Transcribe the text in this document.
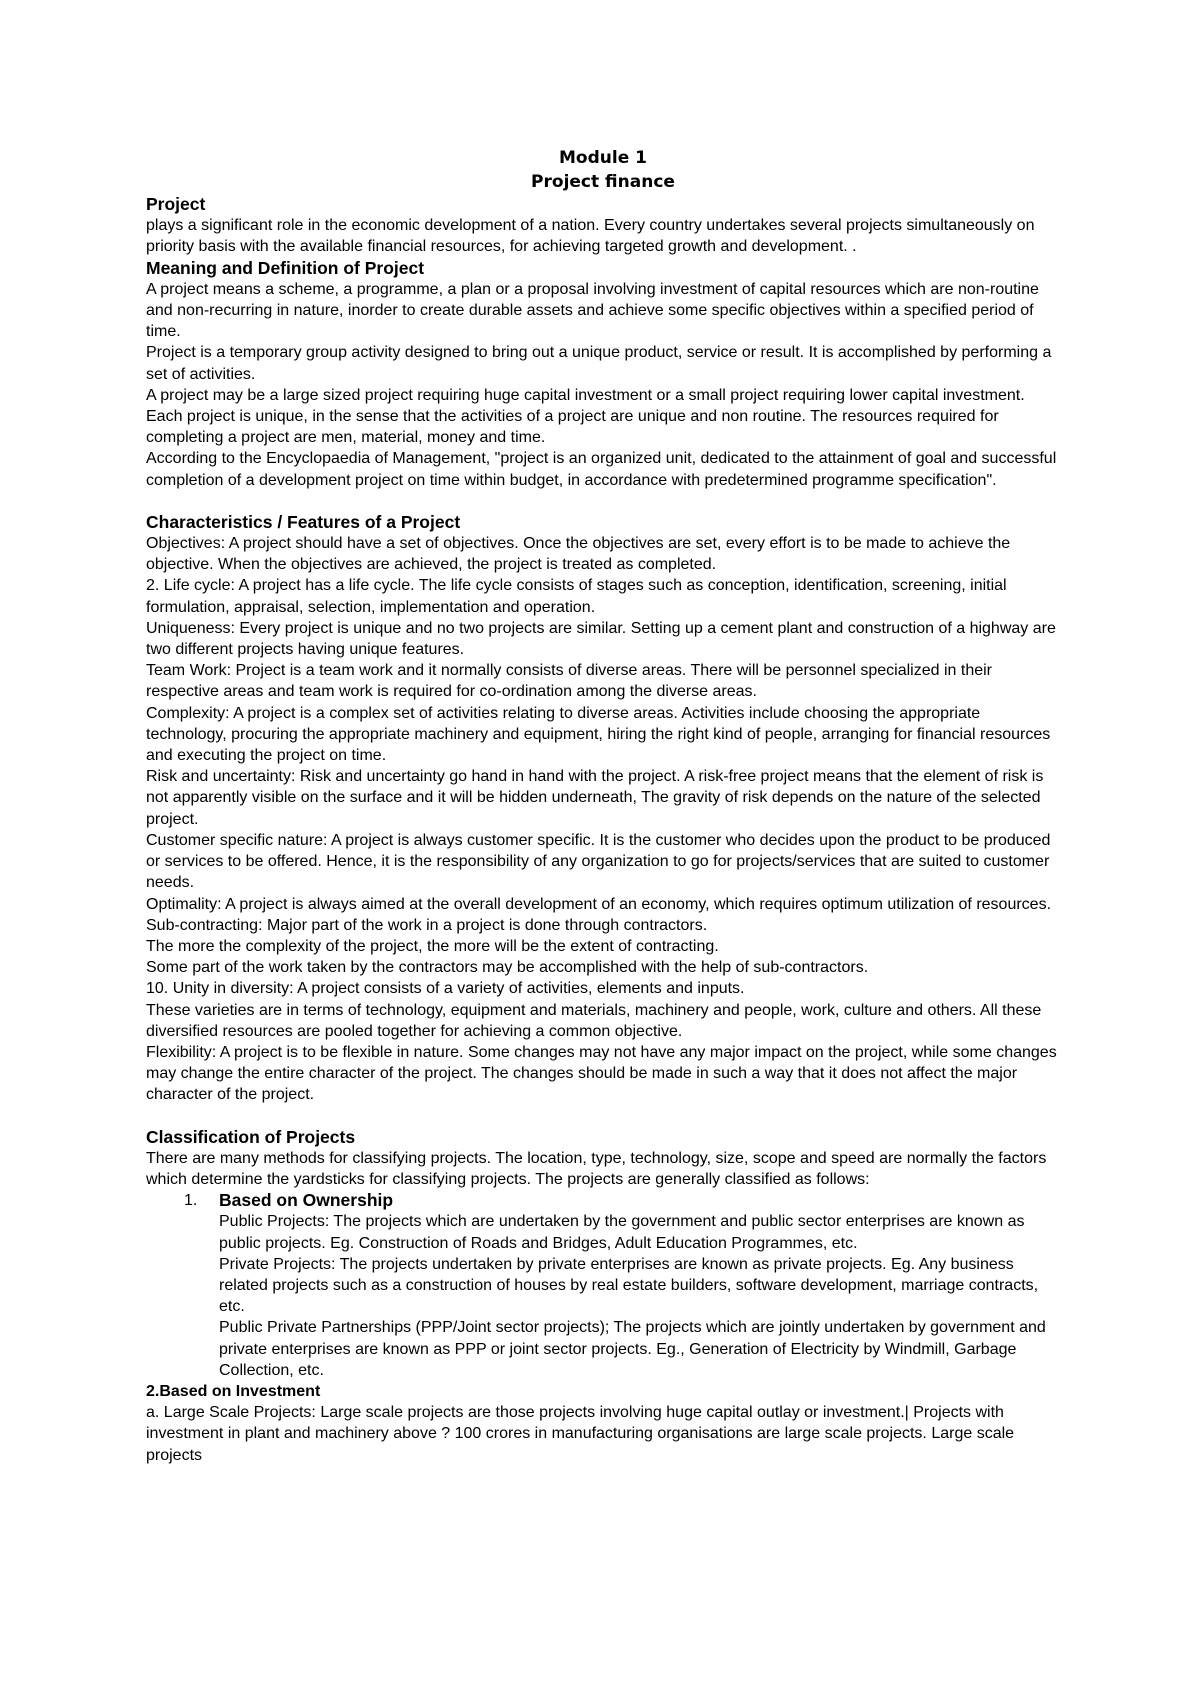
Module 1

Project finance

Project

plays a significant role in the economic development of a nation. Every country undertakes several projects simultaneously on priority basis with the available financial resources, for achieving targeted growth and development. .

Meaning and Definition of Project

A project means a scheme, a programme, a plan or a proposal involving investment of capital resources which are non-routine and non-recurring in nature, inorder to create durable assets and achieve some specific objectives within a specified period of time.

Project is a temporary group activity designed to bring out a unique product, service or result. It is accomplished by performing a set of activities.

A project may be a large sized project requiring huge capital investment or a small project requiring lower capital investment. Each project is unique, in the sense that the activities of a project are unique and non routine. The resources required for completing a project are men, material, money and time.

According to the Encyclopaedia of Management, "project is an organized unit, dedicated to the attainment of goal and successful completion of a development project on time within budget, in accordance with predetermined programme specification".

Characteristics / Features of a Project

Objectives: A project should have a set of objectives. Once the objectives are set, every effort is to be made to achieve the objective. When the objectives are achieved, the project is treated as completed.

2. Life cycle: A project has a life cycle. The life cycle consists of stages such as conception, identification, screening, initial formulation, appraisal, selection, implementation and operation.

Uniqueness: Every project is unique and no two projects are similar. Setting up a cement plant and construction of a highway are two different projects having unique features.

Team Work: Project is a team work and it normally consists of diverse areas. There will be personnel specialized in their respective areas and team work is required for co-ordination among the diverse areas.

Complexity: A project is a complex set of activities relating to diverse areas. Activities include choosing the appropriate technology, procuring the appropriate machinery and equipment, hiring the right kind of people, arranging for financial resources and executing the project on time.

Risk and uncertainty: Risk and uncertainty go hand in hand with the project. A risk-free project means that the element of risk is not apparently visible on the surface and it will be hidden underneath, The gravity of risk depends on the nature of the selected project.

Customer specific nature: A project is always customer specific. It is the customer who decides upon the product to be produced or services to be offered. Hence, it is the responsibility of any organization to go for projects/services that are suited to customer needs.

Optimality: A project is always aimed at the overall development of an economy, which requires optimum utilization of resources.

Sub-contracting: Major part of the work in a project is done through contractors.

The more the complexity of the project, the more will be the extent of contracting.

Some part of the work taken by the contractors may be accomplished with the help of sub-contractors.

10. Unity in diversity: A project consists of a variety of activities, elements and inputs.

These varieties are in terms of technology, equipment and materials, machinery and people, work, culture and others. All these diversified resources are pooled together for achieving a common objective.

Flexibility: A project is to be flexible in nature. Some changes may not have any major impact on the project, while some changes may change the entire character of the project. The changes should be made in such a way that it does not affect the major character of the project.

Classification of Projects

There are many methods for classifying projects. The location, type, technology, size, scope and speed are normally the factors which determine the yardsticks for classifying projects. The projects are generally classified as follows:

1. Based on Ownership

Public Projects: The projects which are undertaken by the government and public sector enterprises are known as public projects. Eg. Construction of Roads and Bridges, Adult Education Programmes, etc.

Private Projects: The projects undertaken by private enterprises are known as private projects. Eg. Any business related projects such as a construction of houses by real estate builders, software development, marriage contracts, etc.

Public Private Partnerships (PPP/Joint sector projects); The projects which are jointly undertaken by government and private enterprises are known as PPP or joint sector projects. Eg., Generation of Electricity by Windmill, Garbage Collection, etc.

2.Based on Investment

a. Large Scale Projects: Large scale projects are those projects involving huge capital outlay or investment.| Projects with investment in plant and machinery above ? 100 crores in manufacturing organisations are large scale projects. Large scale projects
